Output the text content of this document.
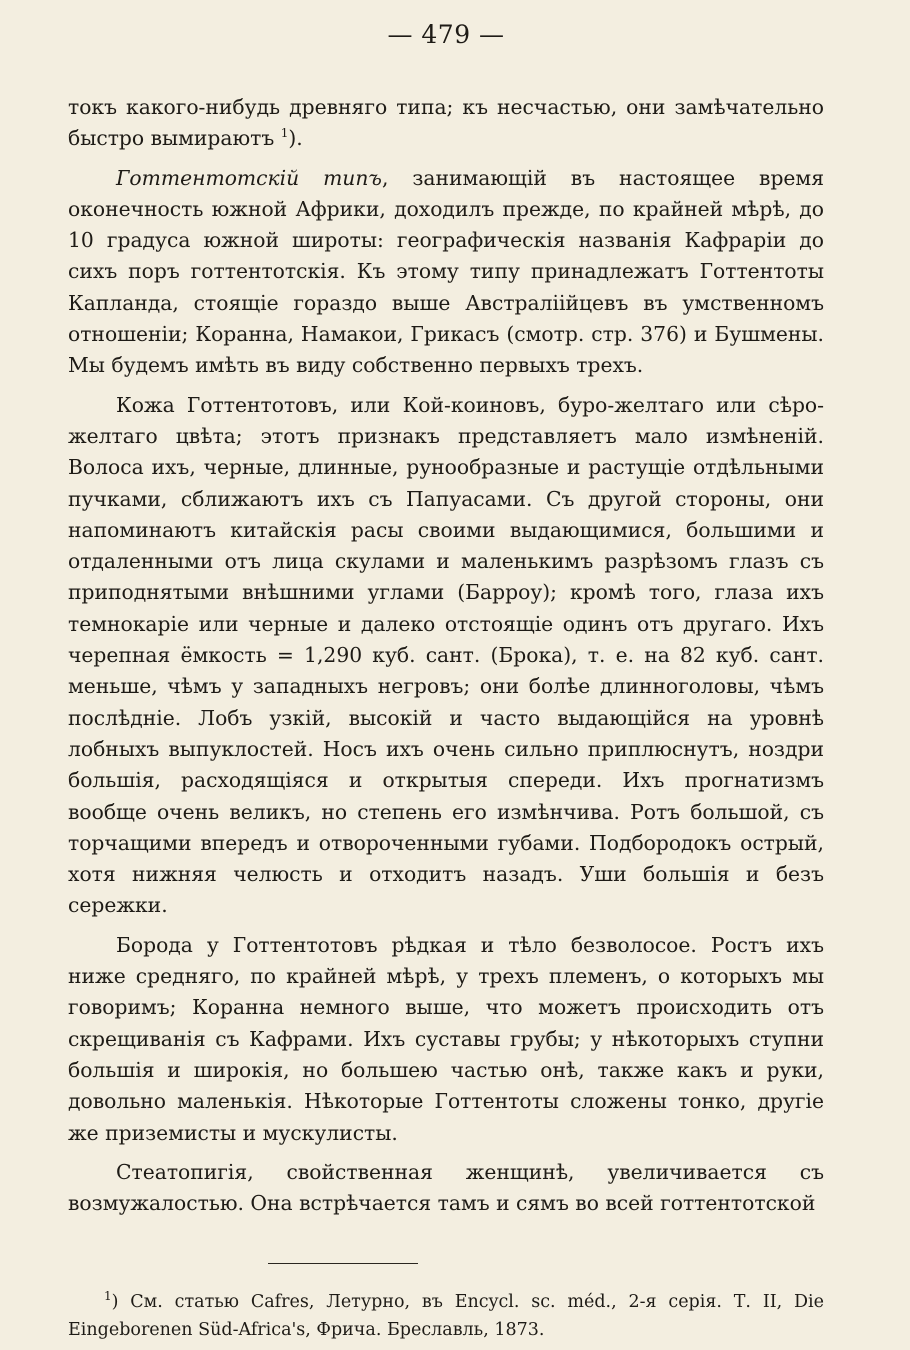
— 479 —

токъ какого-нибудь древняго типа; къ несчастью, они замѣчательно быстро вымираютъ $^1$).

Готтентотскій типъ, занимающій въ настоящее время оконечность южной Африки, доходилъ прежде, по крайней мѣрѣ, до 10 градуса южной широты: географическія названія Кафраріи до сихъ поръ готтентотскія. Къ этому типу принадлежатъ Готтентоты Капланда, стоящіе гораздо выше Австраліійцевъ въ умственномъ отношеніи; Корaнна, Намакои, Грикасъ (смотр. стр. 376) и Бушмены. Мы будемъ имѣть въ виду собственно первыхъ трехъ.

Кожа Готтентотовъ, или Кой-коиновъ, буро-желтаго или сѣро-желтаго цвѣта; этотъ признакъ представляетъ мало измѣненій. Волоса ихъ, черные, длинные, рунообразные и растущіе отдѣльными пучками, сближаютъ ихъ съ Папуасами. Съ другой стороны, они напоминаютъ китайскія расы своими выдающимися, большими и отдаленными отъ лица скулами и маленькимъ разрѣзомъ глазъ съ приподнятыми внѣшними углами (Барроу); кромѣ того, глаза ихъ темнокаріе или черные и далеко отстоящіе одинъ отъ другаго. Ихъ черепная ёмкость = 1,290 куб. сант. (Брока), т. е. на 82 куб. сант. меньше, чѣмъ у западныхъ негровъ; они болѣе длинноголовы, чѣмъ послѣдніе. Лобъ узкій, высокій и часто выдающійся на уровнѣ лобныхъ выпуклостей. Носъ ихъ очень сильно приплюснутъ, ноздри большія, расходящіяся и открытыя спереди. Ихъ прогнатизмъ вообще очень великъ, но степень его измѣнчива. Ротъ большой, съ торчащими впередъ и отвороченными губами. Подбородокъ острый, хотя нижняя челюсть и отходитъ назадъ. Уши большія и безъ сережки.

Борода у Готтентотовъ рѣдкая и тѣло безволосое. Ростъ ихъ ниже средняго, по крайней мѣрѣ, у трехъ племенъ, о которыхъ мы говоримъ; Корaнна немного выше, что можетъ происходить отъ скрещиванія съ Кафрами. Ихъ суставы грубы; у нѣкоторыхъ ступни большія и широкія, но большею частью онѣ, также какъ и руки, довольно маленькія. Нѣкоторые Готтентоты сложены тонко, другіе же приземисты и мускулисты.

Стеатопигія, свойственная женщинѣ, увеличивается съ возмужалостью. Она встрѣчается тамъ и сямъ во всей готтентотской

$^1$) См. статью Cafres, Летурно, въ Encycl. sc. méd., 2-я серія. Т. II, Die Eingeborenen Süd-Africa's, Фрича. Бреславль, 1873.
